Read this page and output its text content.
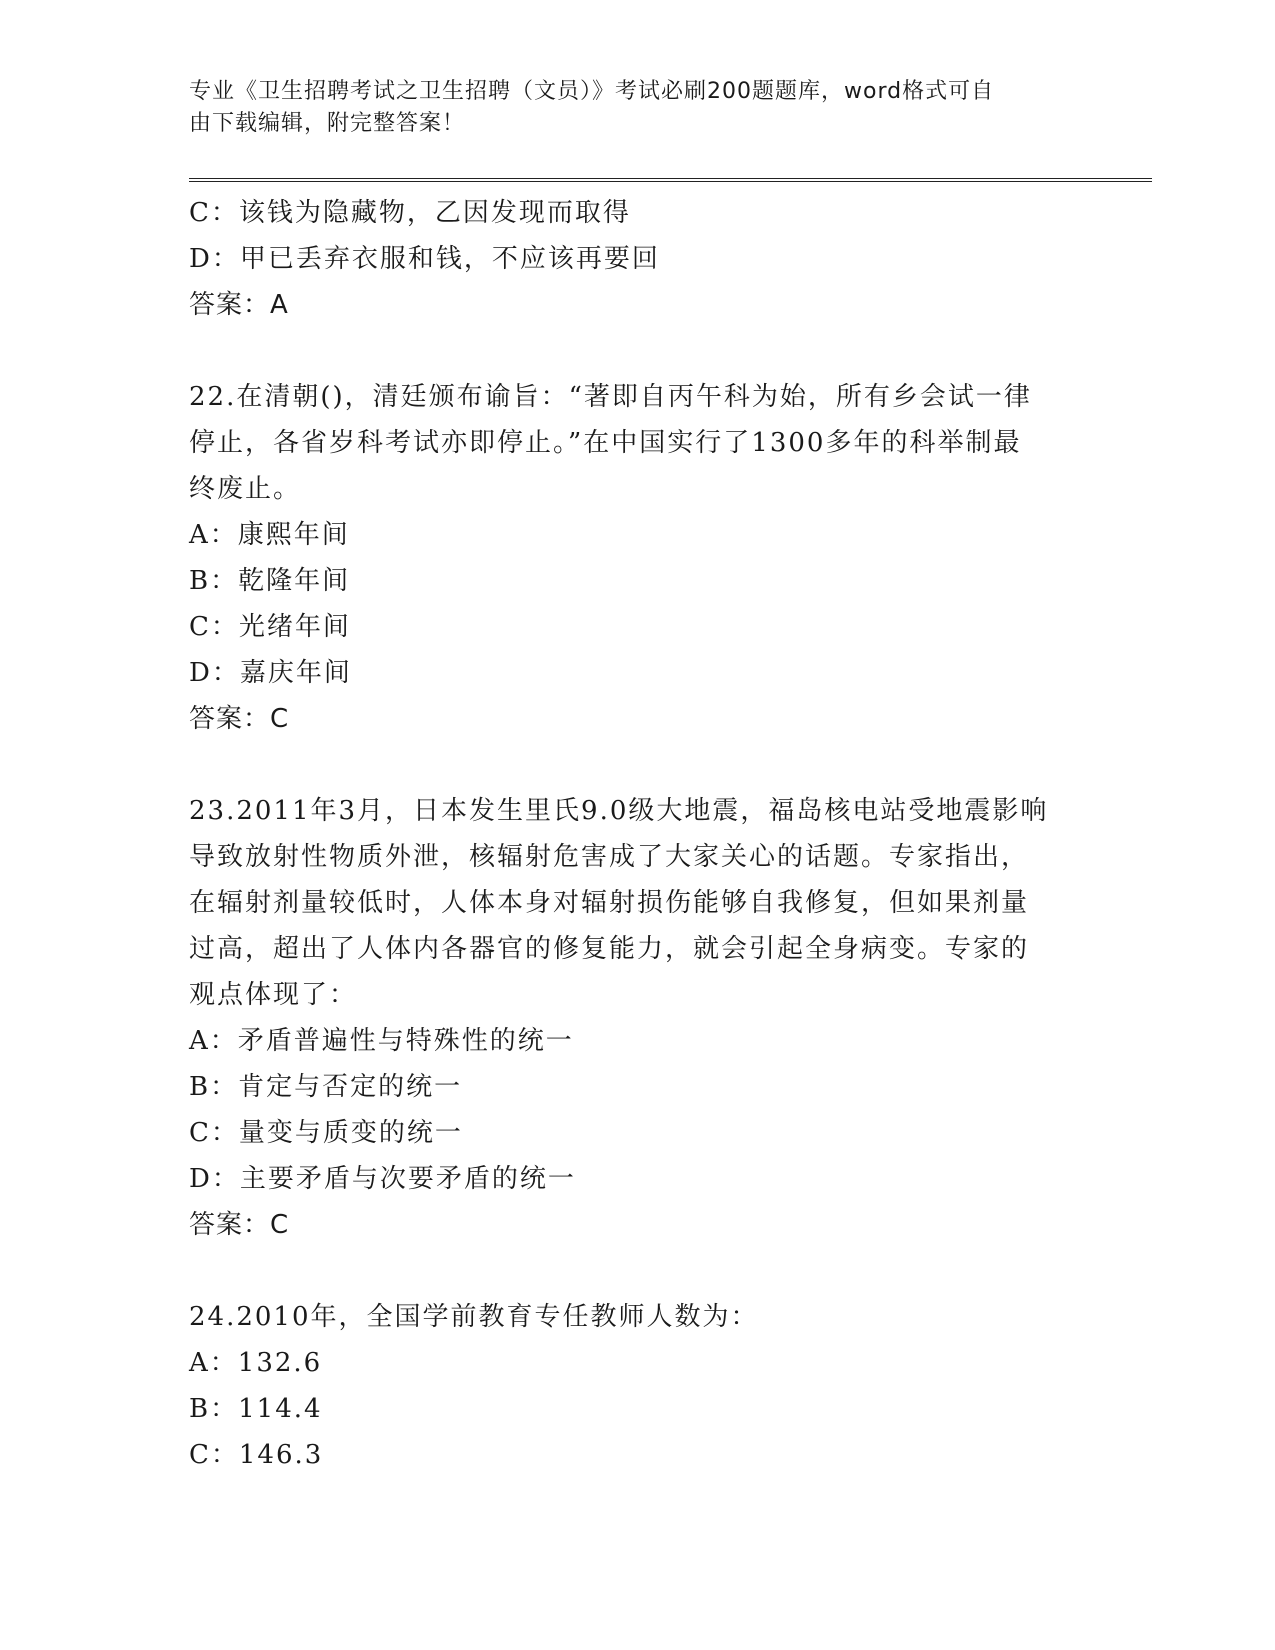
专业《卫生招聘考试之卫生招聘（文员）》考试必刷200题题库，word格式可自
由下载编辑，附完整答案！
C：该钱为隐藏物，乙因发现而取得
D：甲已丢弃衣服和钱，不应该再要回
答案：A
22.在清朝()，清廷颁布谕旨：“著即自丙午科为始，所有乡会试一律
停止，各省岁科考试亦即停止。”在中国实行了1300多年的科举制最
终废止。
A：康熙年间
B：乾隆年间
C：光绪年间
D：嘉庆年间
答案：C
23.2011年3月，日本发生里氏9.0级大地震，福岛核电站受地震影响
导致放射性物质外泄，核辐射危害成了大家关心的话题。专家指出，
在辐射剂量较低时，人体本身对辐射损伤能够自我修复，但如果剂量
过高，超出了人体内各器官的修复能力，就会引起全身病变。专家的
观点体现了：
A：矛盾普遍性与特殊性的统一
B：肯定与否定的统一
C：量变与质变的统一
D：主要矛盾与次要矛盾的统一
答案：C
24.2010年，全国学前教育专任教师人数为：
A：132.6
B：114.4
C：146.3
